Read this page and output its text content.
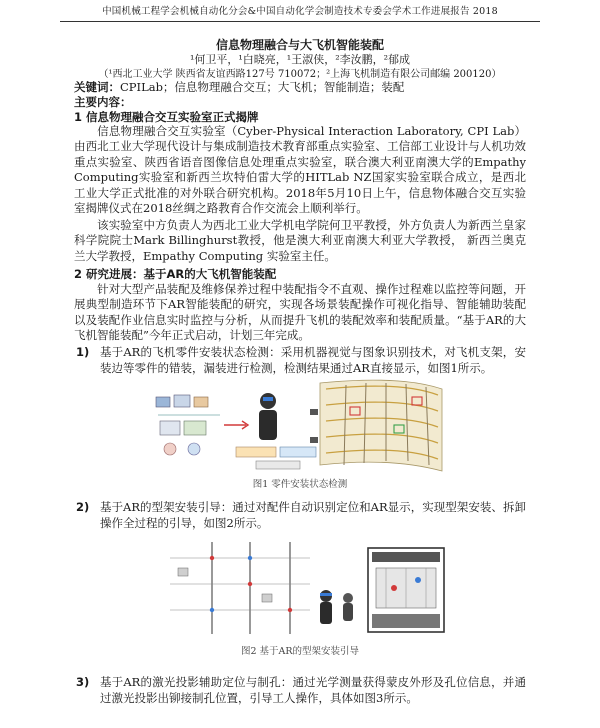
中国机械工程学会机械自动化分会&中国自动化学会制造技术专委会学术工作进展报告 2018
信息物理融合与大飞机智能装配
¹何卫平，¹白晓亮，¹王淑侠，²李汝鹏，²郁成
（¹西北工业大学 陕西省友谊西路127号 710072；²上海飞机制造有限公司邮编 200120）
关键词：CPILab；信息物理融合交互；大飞机；智能制造；装配
主要内容：
1 信息物理融合交互实验室正式揭牌
信息物理融合交互实验室（Cyber-Physical Interaction Laboratory, CPI Lab）由西北工业大学现代设计与集成制造技术教育部重点实验室、工信部工业设计与人机功效重点实验室、陕西省语音图像信息处理重点实验室，联合澳大利亚南澳大学的Empathy Computing实验室和新西兰坎特伯雷大学的HITLab NZ国家实验室联合成立，是西北工业大学正式批准的对外联合研究机构。2018年5月10日上午，信息物体融合交互实验室揭牌仪式在2018丝绸之路教育合作交流会上顺利举行。
该实验室中方负责人为西北工业大学机电学院何卫平教授，外方负责人为新西兰皇家科学院院士Mark Billinghurst教授，他是澳大利亚南澳大利亚大学教授， 新西兰奥克兰大学教授，Empathy Computing 实验室主任。
2 研究进展：基于AR的大飞机智能装配
针对大型产品装配及维修保养过程中装配指令不直观、操作过程难以监控等问题，开展典型制造环节下AR智能装配的研究，实现各场景装配操作可视化指导、智能辅助装配以及装配作业信息实时监控与分析，从而提升飞机的装配效率和装配质量。“基于AR的大飞机智能装配”今年正式启动，计划三年完成。
1) 基于AR的飞机零件安装状态检测：采用机器视觉与图象识别技术，对飞机支架，安装边等零件的错装，漏装进行检测，检测结果通过AR直接显示，如图1所示。
图1 零件安装状态检测
2) 基于AR的型架安装引导：通过对配件自动识别定位和AR显示，实现型架安装、拆卸操作全过程的引导，如图2所示。
图2 基于AR的型架安装引导
3) 基于AR的激光投影辅助定位与制孔：通过光学测量获得蒙皮外形及孔位信息，并通过激光投影出铆接制孔位置，引导工人操作，具体如图3所示。
